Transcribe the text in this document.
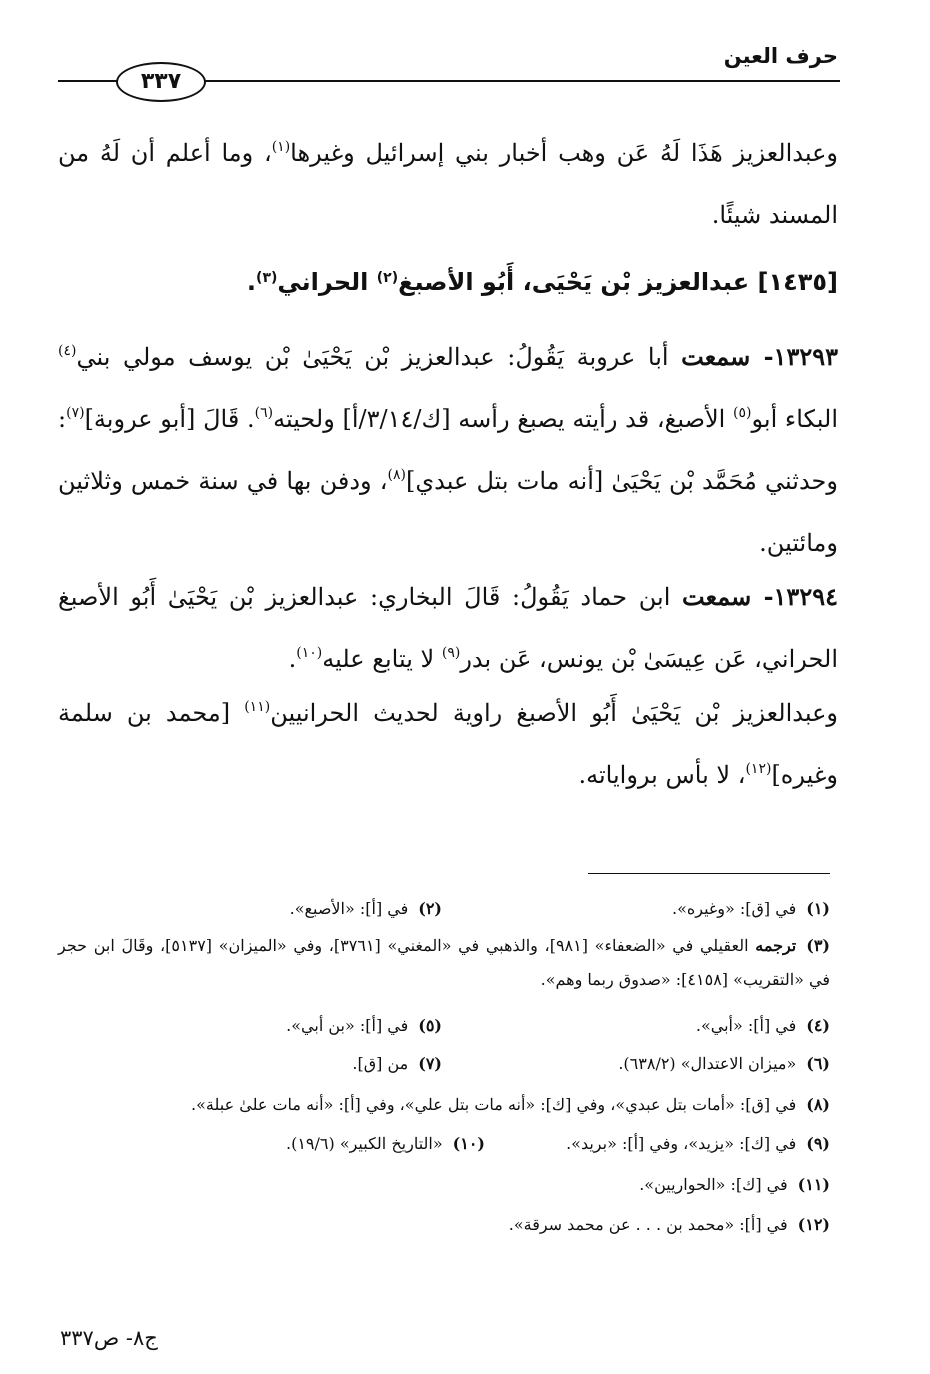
حرف العين
٣٣٧

وعبدالعزيز هَذَا لَهُ عَن وهب أخبار بني إسرائيل وغيرها$^{(١)}$، وما أعلم أن لَهُ من المسند شيئًا.

[١٤٣٥] عبدالعزيز بْن يَحْيَى، أَبُو الأصبغ$^{(٢)}$ الحراني$^{(٣)}$.

١٣٢٩٣- سمعت أبا عروبة يَقُولُ: عبدالعزيز بْن يَحْيَىٰ بْن يوسف مولي بني$^{(٤)}$ البكاء أبو$^{(٥)}$ الأصبغ، قد رأيته يصبغ رأسه [ك/٣/١٤/أ] ولحيته$^{(٦)}$. قَالَ [أبو عروبة]$^{(٧)}$: وحدثني مُحَمَّد بْن يَحْيَىٰ [أنه مات بتل عبدي]$^{(٨)}$، ودفن بها في سنة خمس وثلاثين ومائتين.

١٣٢٩٤- سمعت ابن حماد يَقُولُ: قَالَ البخاري: عبدالعزيز بْن يَحْيَىٰ أَبُو الأصبغ الحراني، عَن عِيسَىٰ بْن يونس، عَن بدر$^{(٩)}$ لا يتابع عليه$^{(١٠)}$.

وعبدالعزيز بْن يَحْيَىٰ أَبُو الأصبغ راوية لحديث الحرانيين$^{(١١)}$ [محمد بن سلمة وغيره]$^{(١٢)}$، لا بأس برواياته.

(١)في [ق]: «وغيره».

(٢)في [أ]: «الأصبع».

(٣)ترجمه العقيلي في «الضعفاء» [٩٨١]، والذهبي في «المغني» [٣٧٦١]، وفي «الميزان» [٥١٣٧]، وقَالَ ابن حجر في «التقريب» [٤١٥٨]: «صدوق ربما وهم».

(٤)في [أ]: «أبي».

(٥)في [أ]: «بن أبي».

(٦)«ميزان الاعتدال» (٦٣٨/٢).

(٧)من [ق].

(٨)في [ق]: «أمات بتل عبدي»، وفي [ك]: «أنه مات بتل علي»، وفي [أ]: «أنه مات علىٰ عبلة».

(٩)في [ك]: «يزيد»، وفي [أ]: «بريد».

(١٠)«التاريخ الكبير» (١٩/٦).

(١١)في [ك]: «الحواريين».

(١٢)في [أ]: «محمد بن . . . عن محمد سرقة».

ج٨- ص٣٣٧
